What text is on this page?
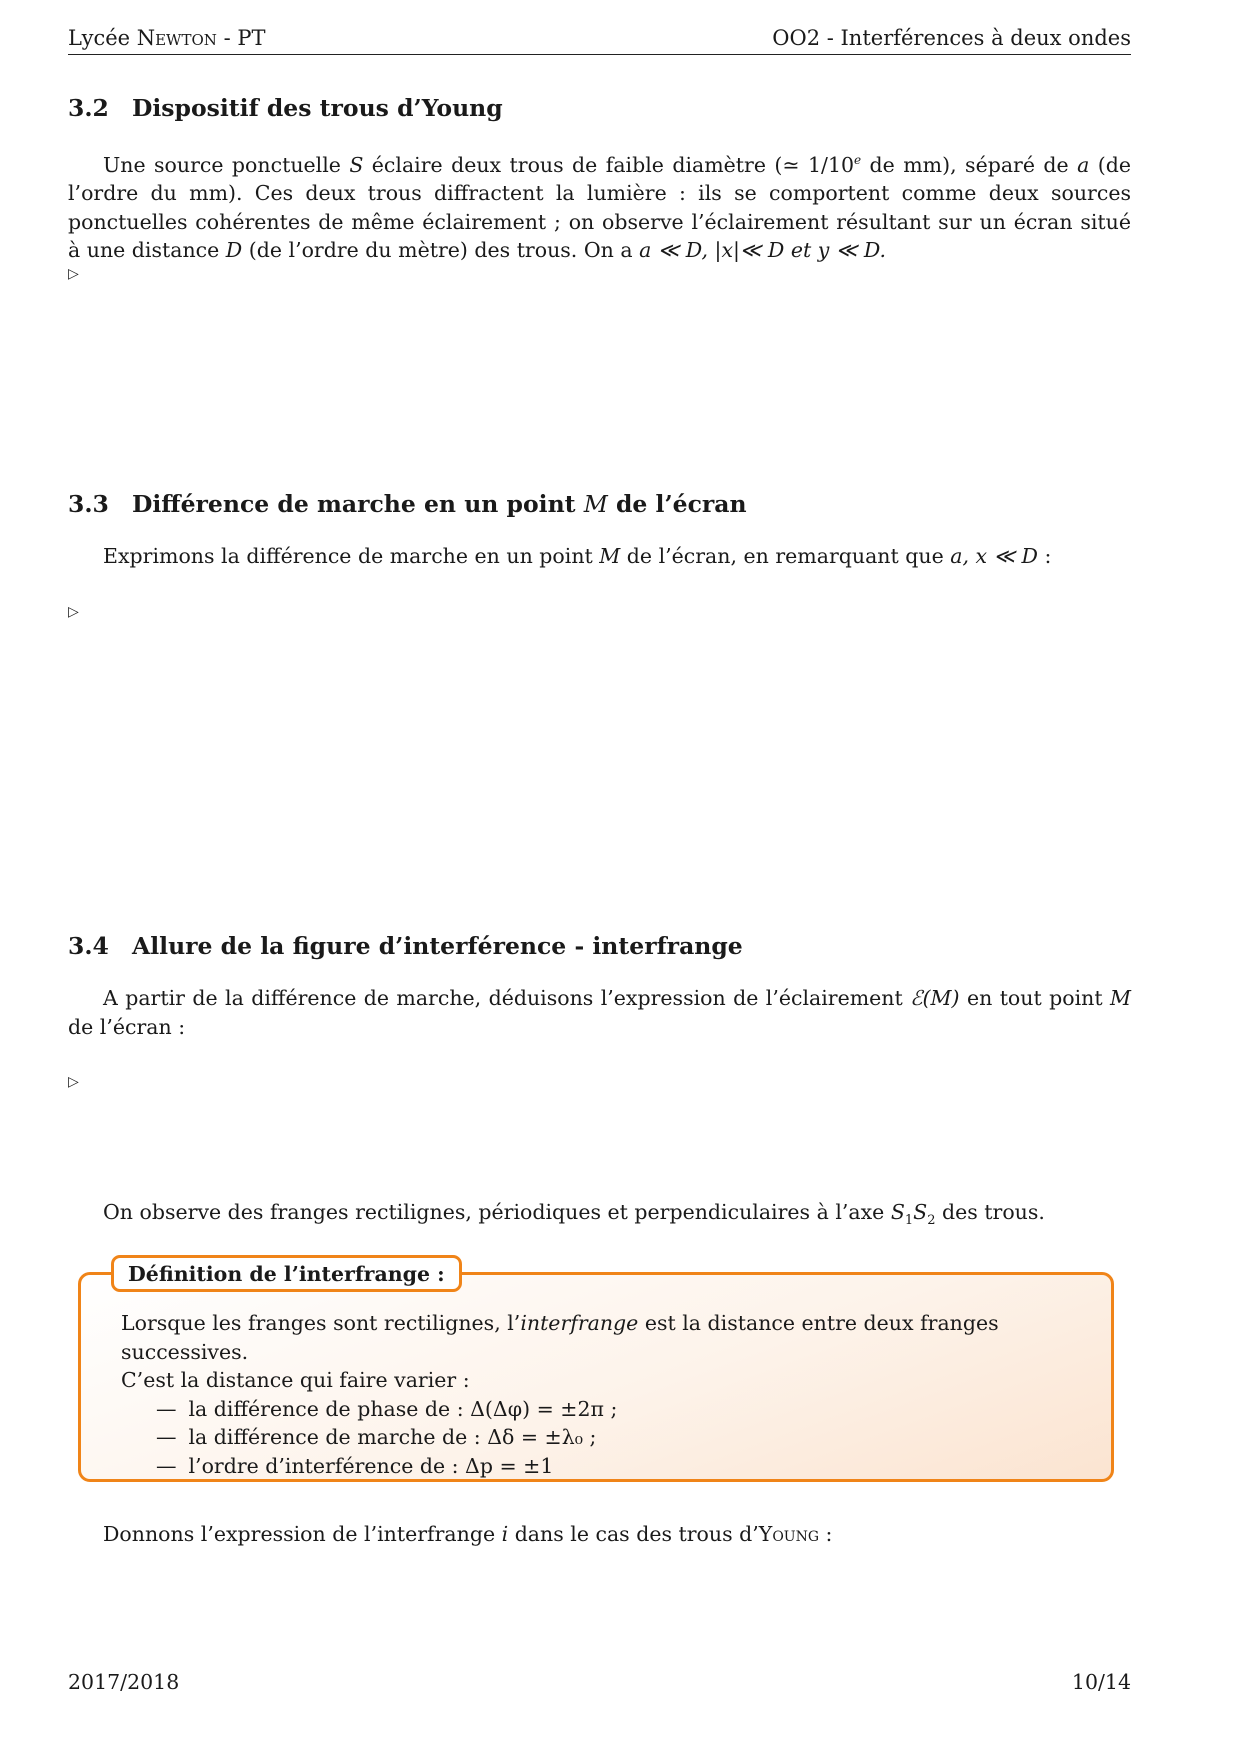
Lycée Newton - PT	OO2 - Interférences à deux ondes
3.2 Dispositif des trous d’Young

Une source ponctuelle S éclaire deux trous de faible diamètre (≃ 1/10e de mm), séparé de a (de l’ordre du mm). Ces deux trous diffractent la lumière : ils se comportent comme deux sources ponctuelles cohérentes de même éclairement ; on observe l’éclairement résultant sur un écran situé à une distance D (de l’ordre du mètre) des trous. On a a ≪ D, |x|≪ D et y ≪ D.

▷
3.3 Différence de marche en un point M de l’écran

Exprimons la différence de marche en un point M de l’écran, en remarquant que a, x ≪ D :

▷
3.4 Allure de la figure d’interférence - interfrange

A partir de la différence de marche, déduisons l’expression de l’éclairement ℰ(M) en tout point M de l’écran :

▷

On observe des franges rectilignes, périodiques et perpendiculaires à l’axe $S_1S_2$ des trous.

Définition de l’interfrange :
Lorsque les franges sont rectilignes, l’interfrange est la distance entre deux franges successives.
C’est la distance qui faire varier :
— la différence de phase de : Δ(Δφ) = ±2π ;
— la différence de marche de : Δδ = ±λ₀ ;
— l’ordre d’interférence de : Δp = ±1

Donnons l’expression de l’interfrange i dans le cas des trous d’Young :

2017/2018	10/14
